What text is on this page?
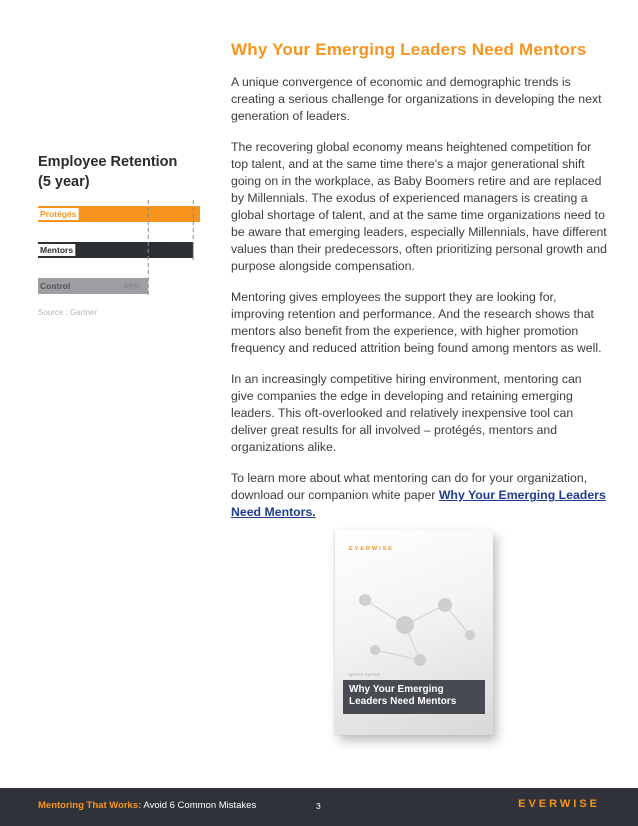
Employee Retention
(5 year)
Protégés	72%
Mentors	69%
Control	49%
Source : Gartner
Why Your Emerging Leaders Need Mentors

A unique convergence of economic and demographic trends is creating a serious challenge for organizations in developing the next generation of leaders.

The recovering global economy means heightened competition for top talent, and at the same time there's a major generational shift going on in the workplace, as Baby Boomers retire and are replaced by Millennials. The exodus of experienced managers is creating a global shortage of talent, and at the same time organizations need to be aware that emerging leaders, especially Millennials, have different values than their predecessors, often prioritizing personal growth and purpose alongside compensation.

Mentoring gives employees the support they are looking for, improving retention and performance. And the research shows that mentors also benefit from the experience, with higher promotion frequency and reduced attrition being found among mentors as well.

In an increasingly competitive hiring environment, mentoring can give companies the edge in developing and retaining emerging leaders. This oft-overlooked and relatively inexpensive tool can deliver great results for all involved – protégés, mentors and organizations alike.

To learn more about what mentoring can do for your organization, download our companion white paper Why Your Emerging Leaders Need Mentors.

EVERWISE
WHITE PAPER
Why Your Emerging Leaders Need Mentors
Mentoring That Works: Avoid 6 Common Mistakes	3	EVERWISE
